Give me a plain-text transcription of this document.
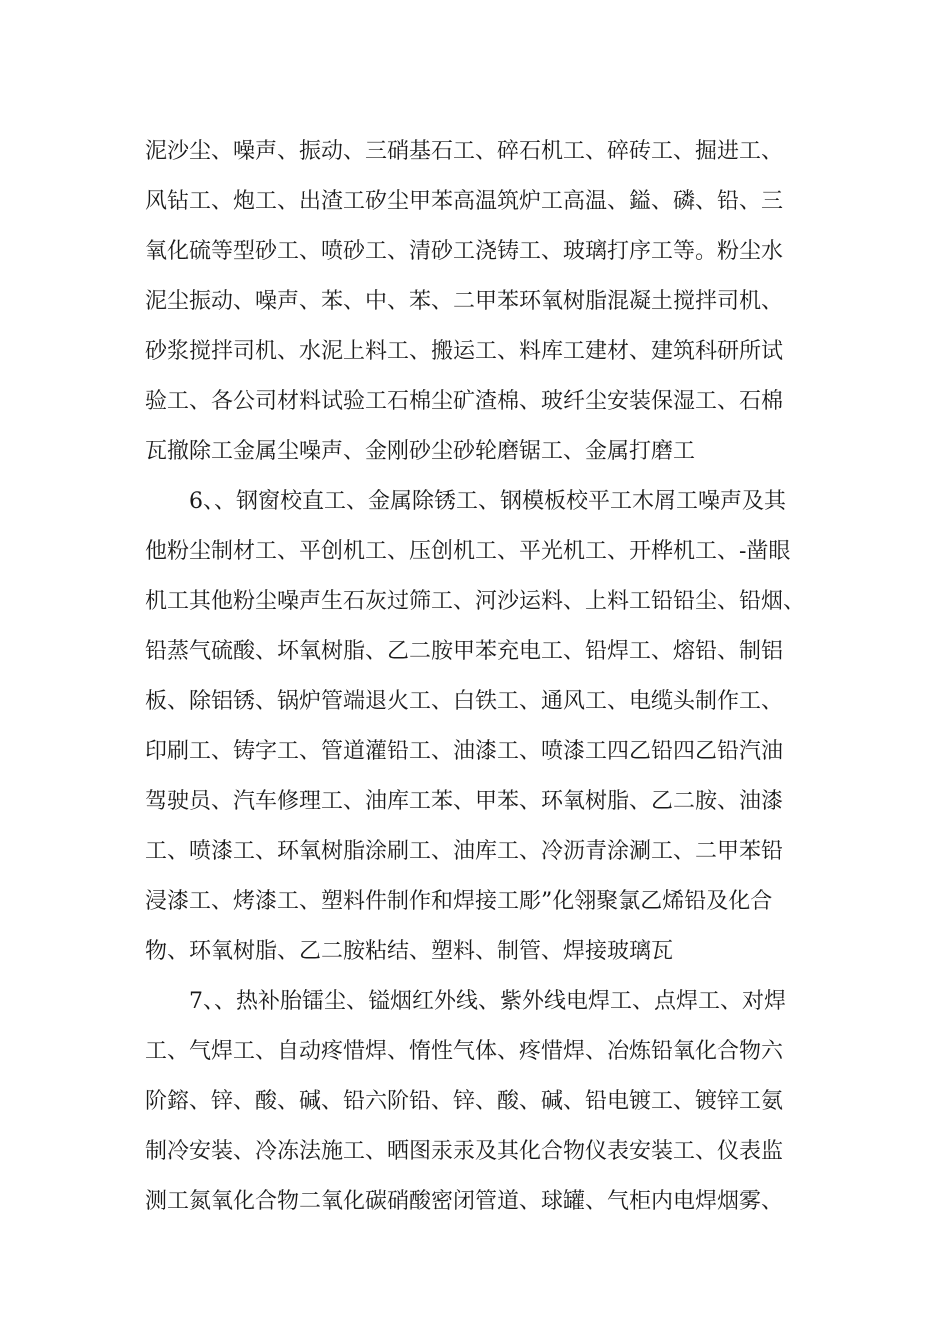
泥沙尘、噪声、振动、三硝基石工、碎石机工、碎砖工、掘进工、
风钻工、炮工、出渣工矽尘甲苯高温筑炉工高温、鎰、磷、铅、三
氧化硫等型砂工、喷砂工、清砂工浇铸工、玻璃打序工等。粉尘水
泥尘振动、噪声、苯、中、苯、二甲苯环氧树脂混凝土搅拌司机、
砂浆搅拌司机、水泥上料工、搬运工、料库工建材、建筑科研所试
验工、各公司材料试验工石棉尘矿渣棉、玻纤尘安装保湿工、石棉
瓦撤除工金属尘噪声、金刚砂尘砂轮磨锯工、金属打磨工
6、、钢窗校直工、金属除锈工、钢模板校平工木屑工噪声及其
他粉尘制材工、平创机工、压创机工、平光机工、开桦机工、-凿眼
机工其他粉尘噪声生石灰过筛工、河沙运料、上料工铅铅尘、铅烟、
铅蒸气硫酸、坏氧树脂、乙二胺甲苯充电工、铅焊工、熔铅、制铝
板、除铝锈、锅炉管端退火工、白铁工、通风工、电缆头制作工、
印刷工、铸字工、管道灌铅工、油漆工、喷漆工四乙铅四乙铅汽油
驾驶员、汽车修理工、油库工苯、甲苯、环氧树脂、乙二胺、油漆
工、喷漆工、环氧树脂涂刷工、油库工、冷沥青涂涮工、二甲苯铅
浸漆工、烤漆工、塑料件制作和焊接工彫”化翎聚氯乙烯铅及化合
物、环氧树脂、乙二胺粘结、塑料、制管、焊接玻璃瓦
7、、热补胎镭尘、镒烟红外线、紫外线电焊工、点焊工、对焊
工、气焊工、自动疼惜焊、惰性气体、疼惜焊、冶炼铅氧化合物六
阶鎔、锌、酸、碱、铅六阶铅、锌、酸、碱、铅电镀工、镀锌工氨
制冷安装、冷冻法施工、晒图汞汞及其化合物仪表安装工、仪表监
测工氮氧化合物二氧化碳硝酸密闭管道、球罐、气柜内电焊烟雾、
